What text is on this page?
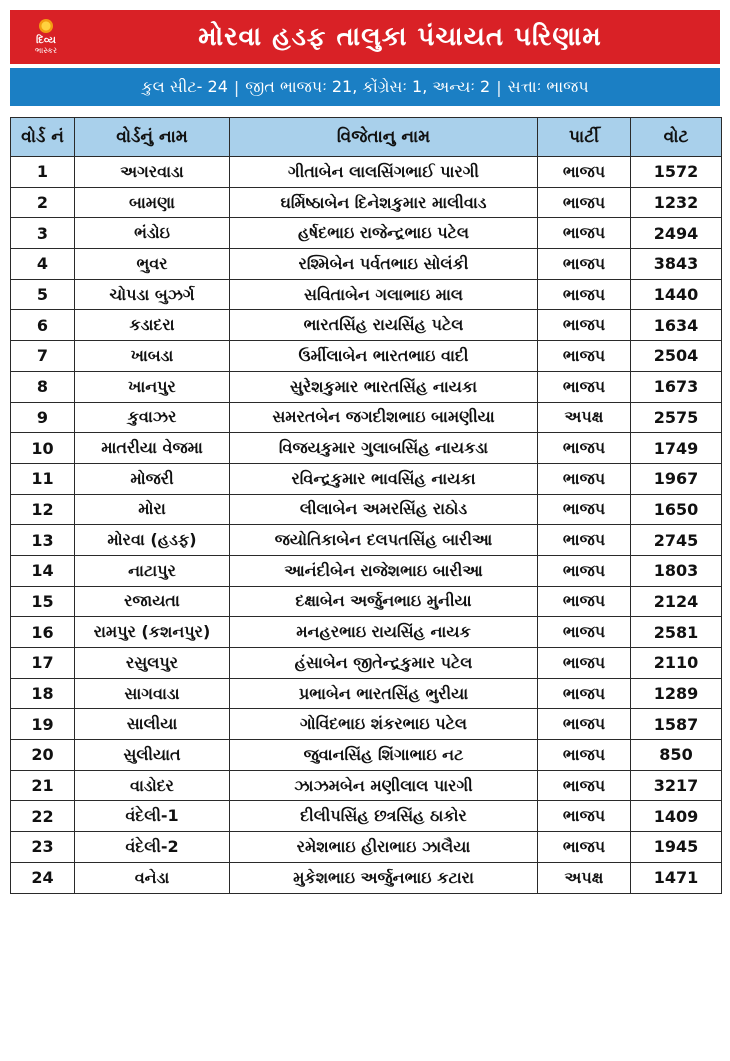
દિવ્ય
ભાસ્કર	મોરવા હડફ તાલુકા પંચાયત પરિણામ
કુલ સીટ- 24 | જીત ભાજપઃ 21, કોંગ્રેસઃ 1, અન્યઃ 2 | સત્તાઃ ભાજપ
વોર્ડ નં	વોર્ડનું નામ	વિજેતાનુ નામ	પાર્ટી	વોટ
1	અગરવાડા	ગીતાબેન લાલસિંગભાઈ પારગી	ભાજપ	1572
2	બામણા	ઘર્મિષ્ઠાબેન દિનેશકુમાર માલીવાડ	ભાજપ	1232
3	ભંડોઇ	હર્ષદભાઇ રાજેન્દ્રભાઇ પટેલ	ભાજપ	2494
4	ભુવર	રશ્મિબેન પર્વતભાઇ સોલંકી	ભાજપ	3843
5	ચોપડા બુઝર્ગ	સવિતાબેન ગલાભાઇ માલ	ભાજપ	1440
6	કડાદરા	ભારતસિંહ રાયસિંહ પટેલ	ભાજપ	1634
7	ખાબડા	ઉર્મીલાબેન ભારતભાઇ વાદી	ભાજપ	2504
8	ખાનપુર	સુરેશકુમાર ભારતસિંહ નાયકા	ભાજપ	1673
9	કુવાઝર	સમરતબેન જગદીશભાઇ બામણીયા	અપક્ષ	2575
10	માતરીયા વેજમા	વિજયકુમાર ગુલાબસિંહ નાયકડા	ભાજપ	1749
11	મોજરી	રવિન્દ્રકુમાર ભાવસિંહ નાયકા	ભાજપ	1967
12	મોરા	લીલાબેન અમરસિંહ રાઠોડ	ભાજપ	1650
13	મોરવા (હડફ)	જયોતિકાબેન દલપતસિંહ બારીઆ	ભાજપ	2745
14	નાટાપુર	આનંદીબેન રાજેશભાઇ બારીઆ	ભાજપ	1803
15	રજાયતા	દક્ષાબેન અર્જુનભાઇ મુનીયા	ભાજપ	2124
16	રામપુર (કશનપુર)	મનહરભાઇ રાયસિંહ નાયક	ભાજપ	2581
17	રસુલપુર	હંસાબેન જીતેન્દ્રકુમાર પટેલ	ભાજપ	2110
18	સાગવાડા	પ્રભાબેન ભારતસિંહ ભુરીયા	ભાજપ	1289
19	સાલીયા	ગોવિંદભાઇ શંકરભાઇ પટેલ	ભાજપ	1587
20	સુલીયાત	જુવાનસિંહ શિંગાભાઇ નટ	ભાજપ	850
21	વાડોદર	ઝાઝમબેન મણીલાલ પારગી	ભાજપ	3217
22	વંદેલી-1	દીલીપસિંહ છત્રસિંહ ઠાકોર	ભાજપ	1409
23	વંદેલી-2	રમેશભાઇ હીરાભાઇ ઝાલૈયા	ભાજપ	1945
24	વનેડા	મુકેશભાઇ અર્જુનભાઇ કટારા	અપક્ષ	1471
